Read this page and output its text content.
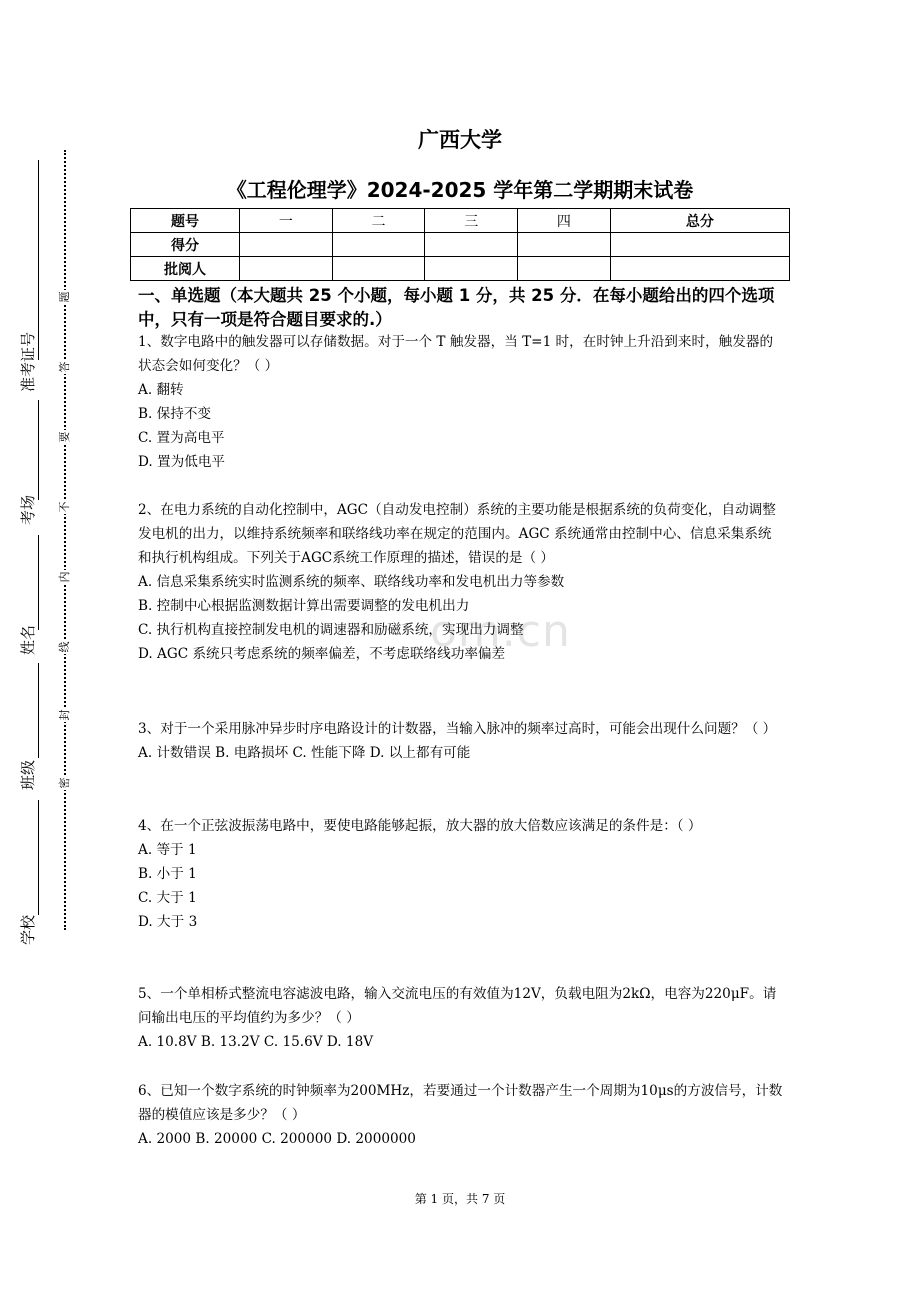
准考证号
考场
姓名
班级
学校
题
答
要
不
内
线
封
密
om.cn
广西大学
《工程伦理学》2024-2025 学年第二学期期末试卷
题号	一	二	三	四	总分
得分					
批阅人					
一、单选题（本大题共 25 个小题，每小题 1 分，共 25 分．在每小题给出的四个选项中，只有一项是符合题目要求的.）

1、数字电路中的触发器可以存储数据。对于一个 T 触发器，当 T=1 时，在时钟上升沿到来时，触发器的状态会如何变化？（ ）

A. 翻转

B. 保持不变

C. 置为高电平

D. 置为低电平

2、在电力系统的自动化控制中，AGC（自动发电控制）系统的主要功能是根据系统的负荷变化，自动调整发电机的出力，以维持系统频率和联络线功率在规定的范围内。AGC 系统通常由控制中心、信息采集系统和执行机构组成。下列关于AGC系统工作原理的描述，错误的是（ ）

A. 信息采集系统实时监测系统的频率、联络线功率和发电机出力等参数

B. 控制中心根据监测数据计算出需要调整的发电机出力

C. 执行机构直接控制发电机的调速器和励磁系统，实现出力调整

D. AGC 系统只考虑系统的频率偏差，不考虑联络线功率偏差

3、对于一个采用脉冲异步时序电路设计的计数器，当输入脉冲的频率过高时，可能会出现什么问题？（ ）

A. 计数错误 B. 电路损坏 C. 性能下降 D. 以上都有可能

4、在一个正弦波振荡电路中，要使电路能够起振，放大器的放大倍数应该满足的条件是：（ ）

A. 等于 1

B. 小于 1

C. 大于 1

D. 大于 3

5、一个单相桥式整流电容滤波电路，输入交流电压的有效值为12V，负载电阻为2kΩ，电容为220μF。请问输出电压的平均值约为多少？（ ）

A. 10.8V B. 13.2V C. 15.6V D. 18V

6、已知一个数字系统的时钟频率为200MHz，若要通过一个计数器产生一个周期为10μs的方波信号，计数器的模值应该是多少？（ ）

A. 2000 B. 20000 C. 200000 D. 2000000

第 1 页，共 7 页
